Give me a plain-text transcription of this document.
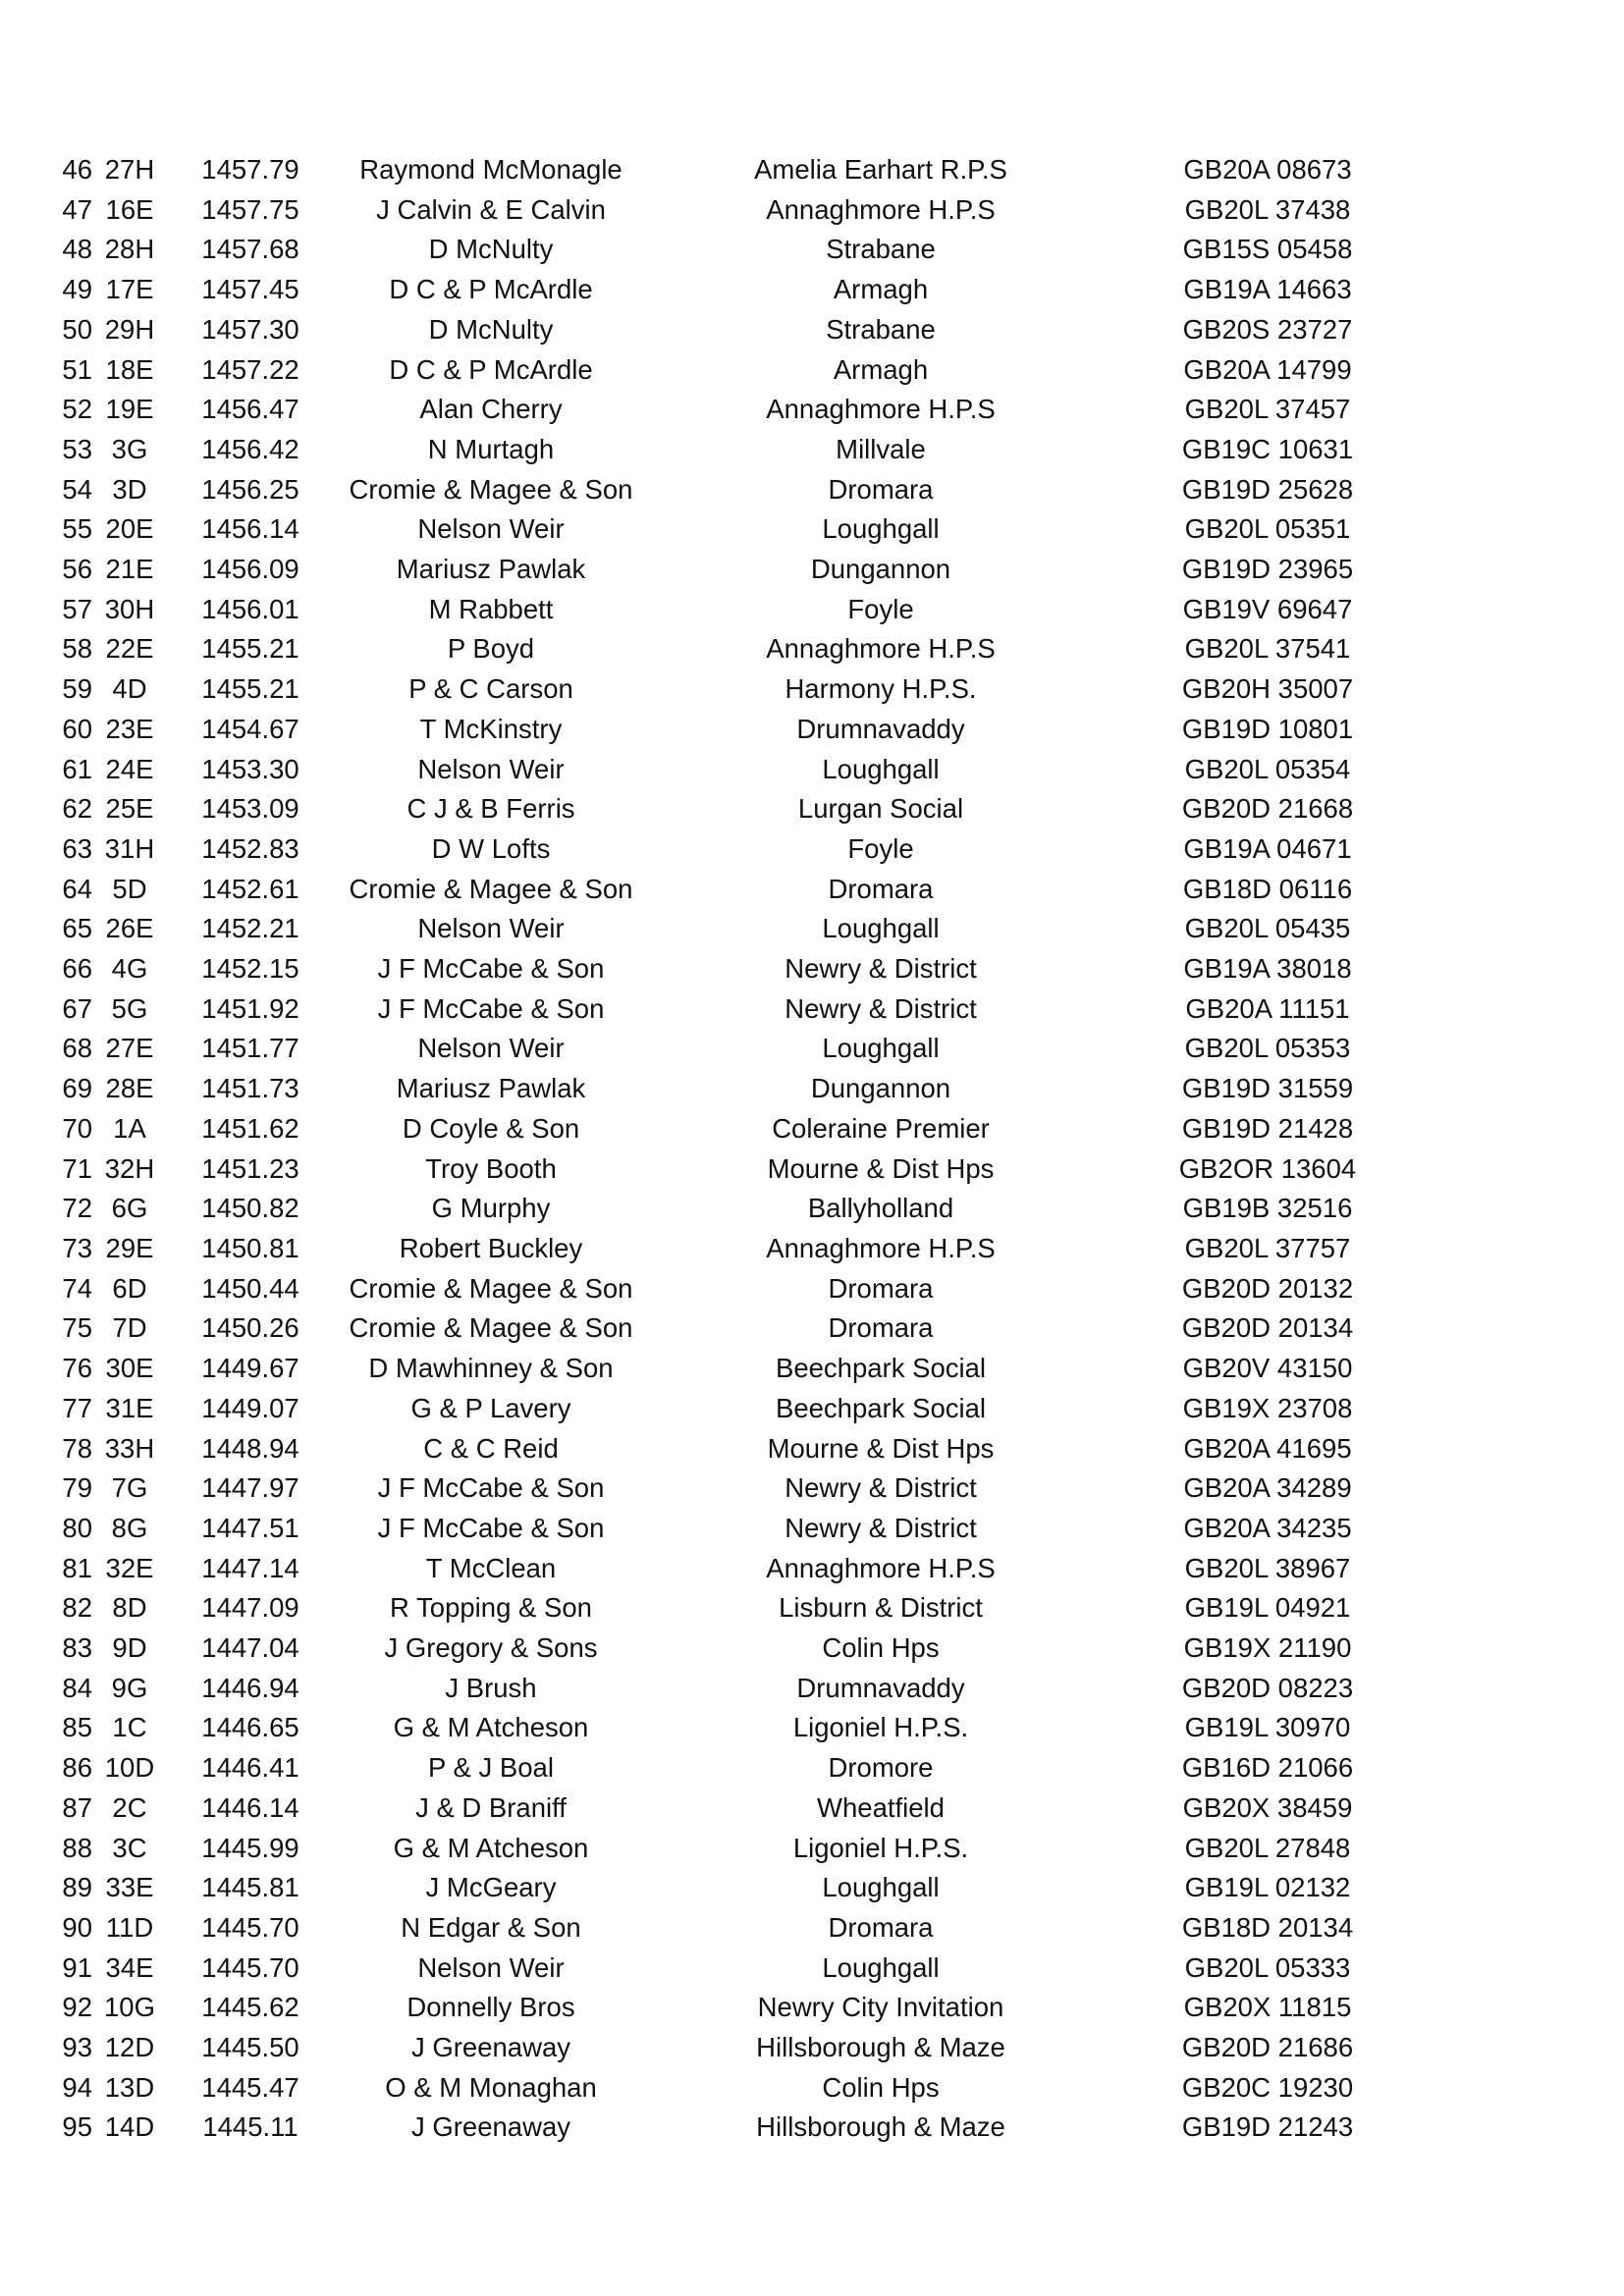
46	27H	1457.79	Raymond McMonagle	Amelia Earhart R.P.S	GB20A 08673	
47	16E	1457.75	J Calvin & E Calvin	Annaghmore H.P.S	GB20L 37438	
48	28H	1457.68	D McNulty	Strabane	GB15S 05458	
49	17E	1457.45	D C & P McArdle	Armagh	GB19A 14663	
50	29H	1457.30	D McNulty	Strabane	GB20S 23727	
51	18E	1457.22	D C & P McArdle	Armagh	GB20A 14799	
52	19E	1456.47	Alan Cherry	Annaghmore H.P.S	GB20L 37457	
53	3G	1456.42	N Murtagh	Millvale	GB19C 10631	
54	3D	1456.25	Cromie & Magee & Son	Dromara	GB19D 25628	
55	20E	1456.14	Nelson Weir	Loughgall	GB20L 05351	
56	21E	1456.09	Mariusz Pawlak	Dungannon	GB19D 23965	
57	30H	1456.01	M Rabbett	Foyle	GB19V 69647	
58	22E	1455.21	P Boyd	Annaghmore H.P.S	GB20L 37541	
59	4D	1455.21	P & C Carson	Harmony H.P.S.	GB20H 35007	
60	23E	1454.67	T McKinstry	Drumnavaddy	GB19D 10801	
61	24E	1453.30	Nelson Weir	Loughgall	GB20L 05354	
62	25E	1453.09	C J & B Ferris	Lurgan Social	GB20D 21668	
63	31H	1452.83	D W Lofts	Foyle	GB19A 04671	
64	5D	1452.61	Cromie & Magee & Son	Dromara	GB18D 06116	
65	26E	1452.21	Nelson Weir	Loughgall	GB20L 05435	
66	4G	1452.15	J F McCabe & Son	Newry & District	GB19A 38018	
67	5G	1451.92	J F McCabe & Son	Newry & District	GB20A 11151	
68	27E	1451.77	Nelson Weir	Loughgall	GB20L 05353	
69	28E	1451.73	Mariusz Pawlak	Dungannon	GB19D 31559	
70	1A	1451.62	D Coyle & Son	Coleraine Premier	GB19D 21428	
71	32H	1451.23	Troy Booth	Mourne & Dist Hps	GB2OR 13604	
72	6G	1450.82	G Murphy	Ballyholland	GB19B 32516	
73	29E	1450.81	Robert Buckley	Annaghmore H.P.S	GB20L 37757	
74	6D	1450.44	Cromie & Magee & Son	Dromara	GB20D 20132	
75	7D	1450.26	Cromie & Magee & Son	Dromara	GB20D 20134	
76	30E	1449.67	D Mawhinney & Son	Beechpark Social	GB20V 43150	
77	31E	1449.07	G & P Lavery	Beechpark Social	GB19X 23708	
78	33H	1448.94	C & C Reid	Mourne & Dist Hps	GB20A 41695	
79	7G	1447.97	J F McCabe & Son	Newry & District	GB20A 34289	
80	8G	1447.51	J F McCabe & Son	Newry & District	GB20A 34235	
81	32E	1447.14	T McClean	Annaghmore H.P.S	GB20L 38967	
82	8D	1447.09	R Topping & Son	Lisburn & District	GB19L 04921	
83	9D	1447.04	J Gregory & Sons	Colin Hps	GB19X 21190	
84	9G	1446.94	J Brush	Drumnavaddy	GB20D 08223	
85	1C	1446.65	G & M Atcheson	Ligoniel H.P.S.	GB19L 30970	
86	10D	1446.41	P & J Boal	Dromore	GB16D 21066	
87	2C	1446.14	J & D Braniff	Wheatfield	GB20X 38459	
88	3C	1445.99	G & M Atcheson	Ligoniel H.P.S.	GB20L 27848	
89	33E	1445.81	J McGeary	Loughgall	GB19L 02132	
90	11D	1445.70	N Edgar & Son	Dromara	GB18D 20134	
91	34E	1445.70	Nelson Weir	Loughgall	GB20L 05333	
92	10G	1445.62	Donnelly Bros	Newry City Invitation	GB20X 11815	
93	12D	1445.50	J Greenaway	Hillsborough & Maze	GB20D 21686	
94	13D	1445.47	O & M Monaghan	Colin Hps	GB20C 19230	
95	14D	1445.11	J Greenaway	Hillsborough & Maze	GB19D 21243	
